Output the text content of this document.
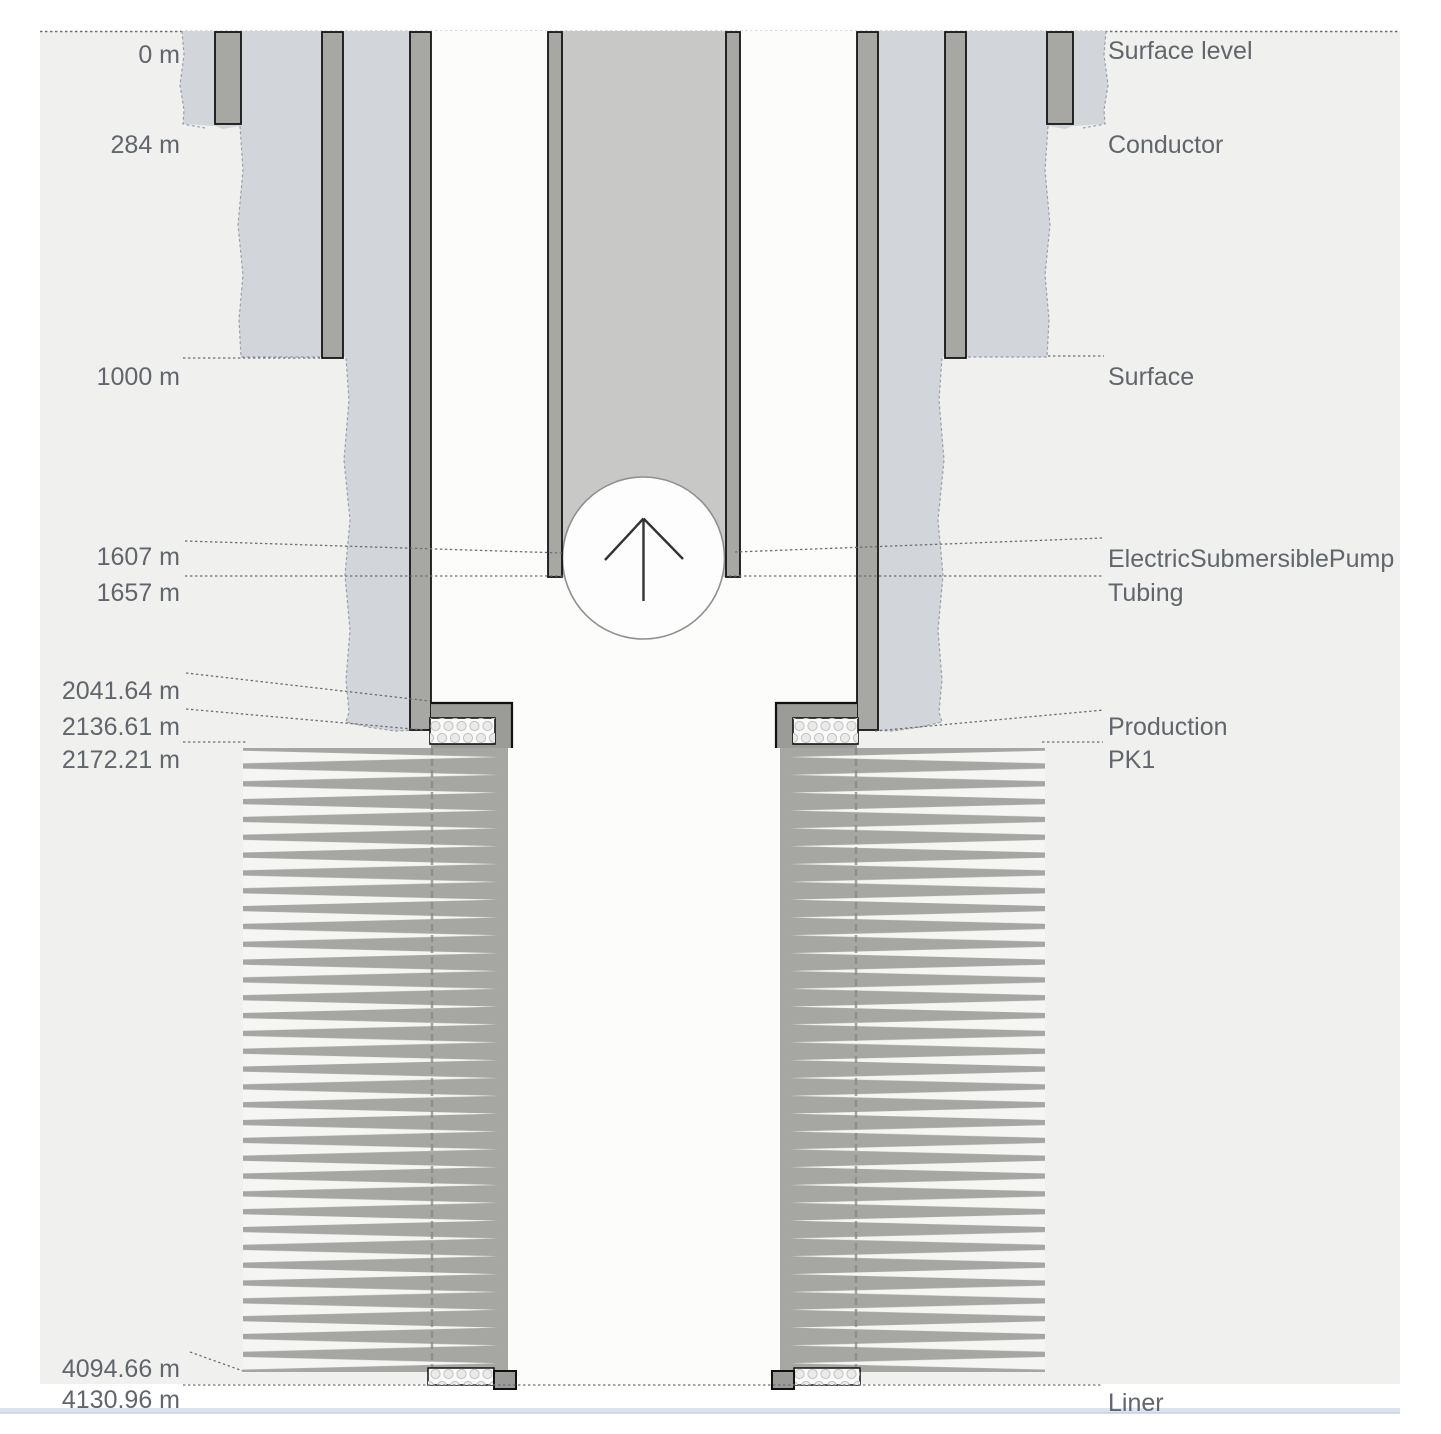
0 m
284 m
1000 m
1607 m
1657 m
2041.64 m
2136.61 m
2172.21 m
4094.66 m
4130.96 m
Surface level
Conductor
Surface
ElectricSubmersiblePump
Tubing
Production
PK1
Liner
